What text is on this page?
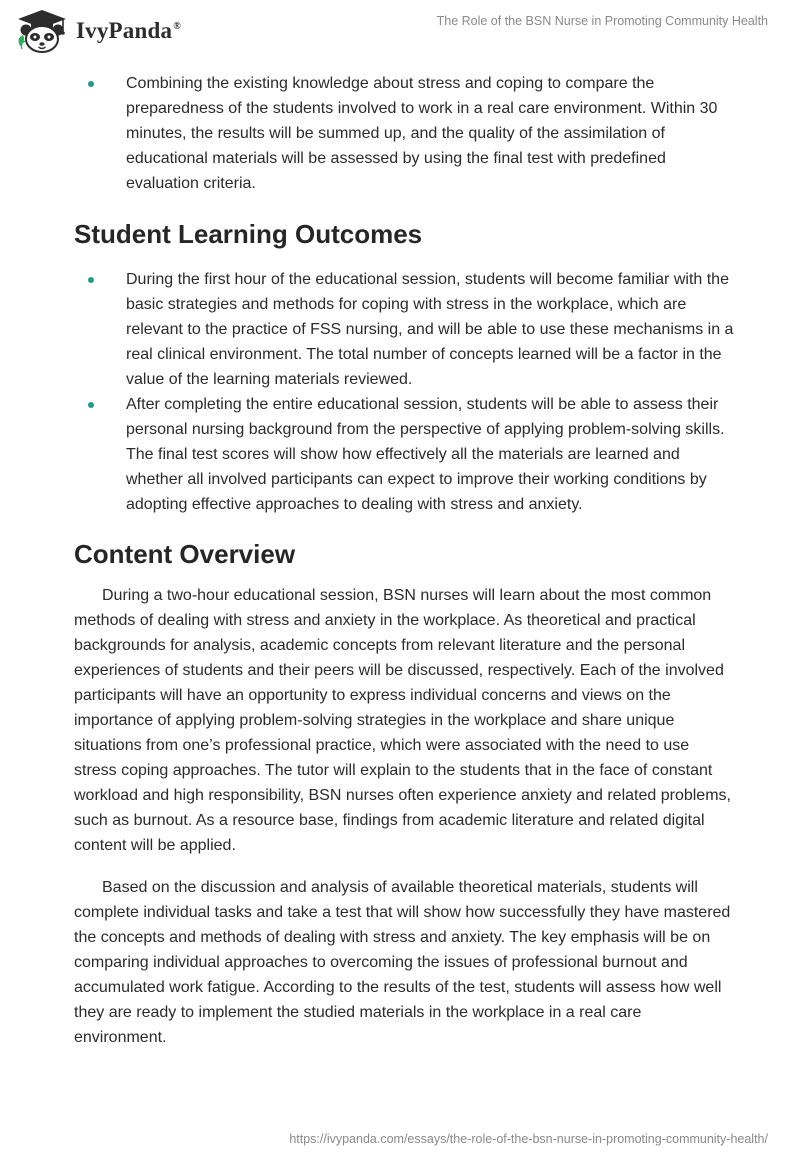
IvyPanda®	The Role of the BSN Nurse in Promoting Community Health
Combining the existing knowledge about stress and coping to compare the preparedness of the students involved to work in a real care environment. Within 30 minutes, the results will be summed up, and the quality of the assimilation of educational materials will be assessed by using the final test with predefined evaluation criteria.
Student Learning Outcomes
During the first hour of the educational session, students will become familiar with the basic strategies and methods for coping with stress in the workplace, which are relevant to the practice of FSS nursing, and will be able to use these mechanisms in a real clinical environment. The total number of concepts learned will be a factor in the value of the learning materials reviewed.
After completing the entire educational session, students will be able to assess their personal nursing background from the perspective of applying problem-solving skills. The final test scores will show how effectively all the materials are learned and whether all involved participants can expect to improve their working conditions by adopting effective approaches to dealing with stress and anxiety.
Content Overview

During a two-hour educational session, BSN nurses will learn about the most common methods of dealing with stress and anxiety in the workplace. As theoretical and practical backgrounds for analysis, academic concepts from relevant literature and the personal experiences of students and their peers will be discussed, respectively. Each of the involved participants will have an opportunity to express individual concerns and views on the importance of applying problem-solving strategies in the workplace and share unique situations from one’s professional practice, which were associated with the need to use stress coping approaches. The tutor will explain to the students that in the face of constant workload and high responsibility, BSN nurses often experience anxiety and related problems, such as burnout. As a resource base, findings from academic literature and related digital content will be applied.

Based on the discussion and analysis of available theoretical materials, students will complete individual tasks and take a test that will show how successfully they have mastered the concepts and methods of dealing with stress and anxiety. The key emphasis will be on comparing individual approaches to overcoming the issues of professional burnout and accumulated work fatigue. According to the results of the test, students will assess how well they are ready to implement the studied materials in the workplace in a real care environment.

https://ivypanda.com/essays/the-role-of-the-bsn-nurse-in-promoting-community-health/
